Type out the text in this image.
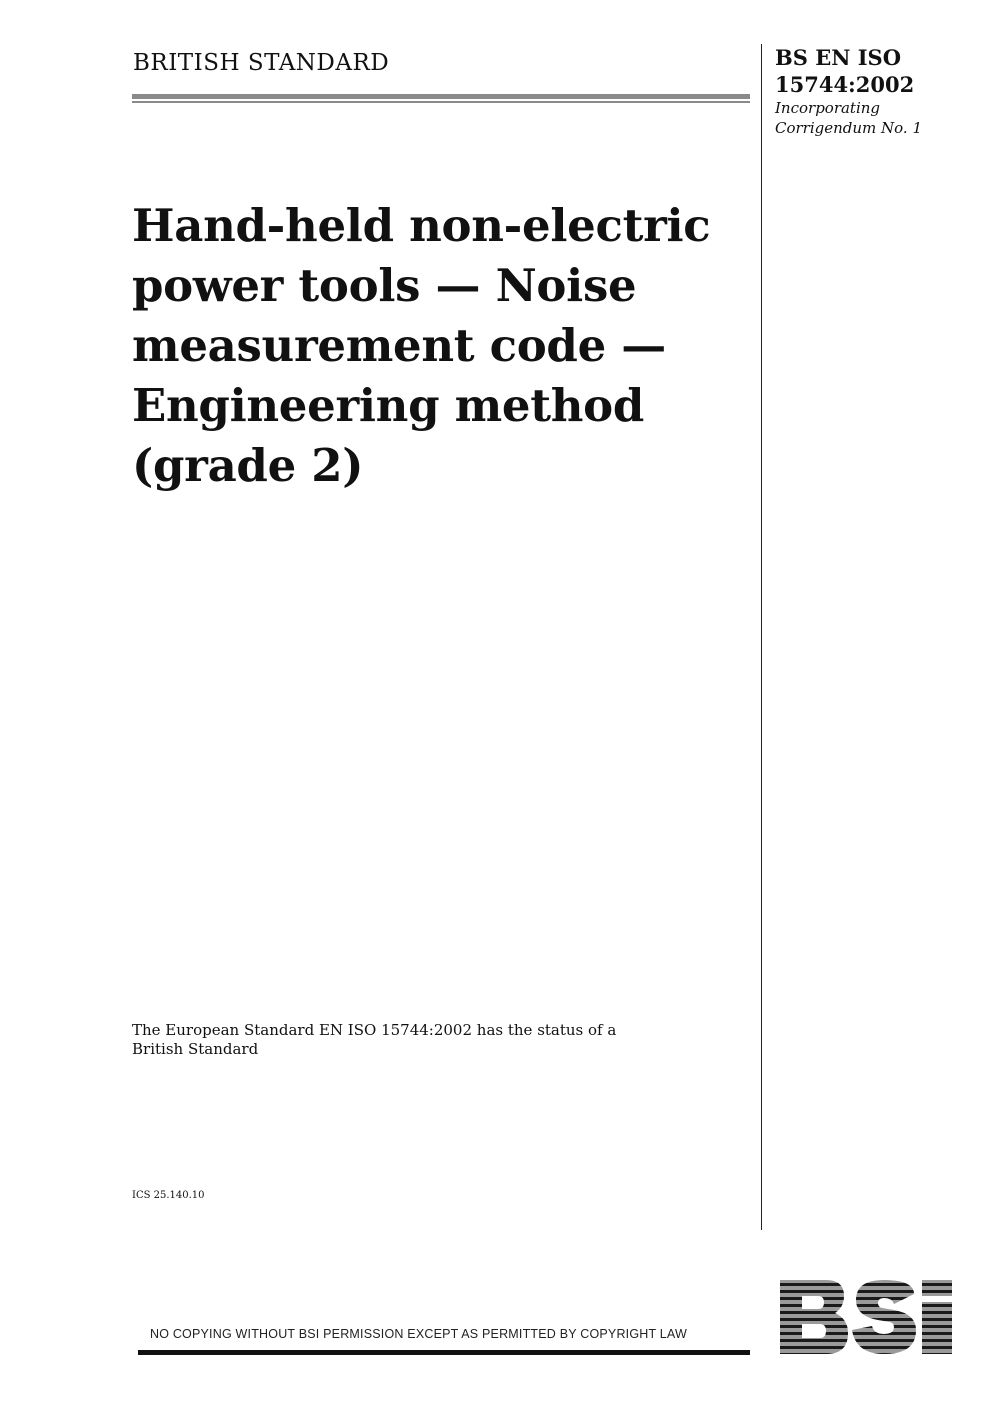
BRITISH STANDARD	BS EN ISO
15744:2002
Incorporating
Corrigendum No. 1
Hand-held non-electric
power tools — Noise
measurement code —
Engineering method
(grade 2)
The European Standard EN ISO 15744:2002 has the status of a
British Standard
ICS 25.140.10
NO COPYING WITHOUT BSI PERMISSION EXCEPT AS PERMITTED BY COPYRIGHT LAW
